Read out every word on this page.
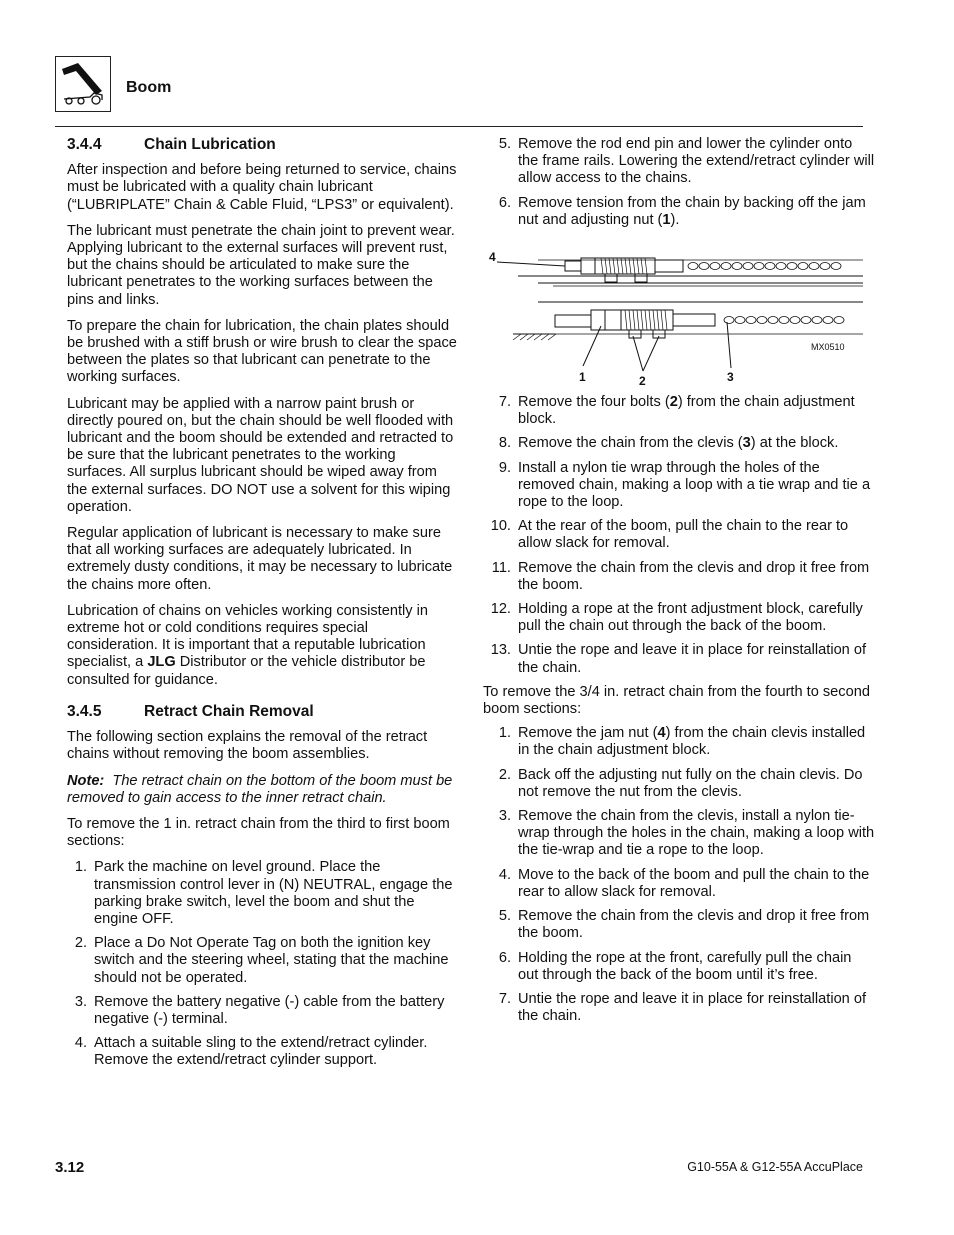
Boom
3.4.4	Chain Lubrication

After inspection and before being returned to service, chains must be lubricated with a quality chain lubricant (“LUBRIPLATE” Chain & Cable Fluid, “LPS3” or equivalent).

The lubricant must penetrate the chain joint to prevent wear. Applying lubricant to the external surfaces will prevent rust, but the chains should be articulated to make sure the lubricant penetrates to the working surfaces between the pins and links.

To prepare the chain for lubrication, the chain plates should be brushed with a stiff brush or wire brush to clear the space between the plates so that lubricant can penetrate to the working surfaces.

Lubricant may be applied with a narrow paint brush or directly poured on, but the chain should be well flooded with lubricant and the boom should be extended and retracted to be sure that the lubricant penetrates to the working surfaces. All surplus lubricant should be wiped away from the external surfaces. DO NOT use a solvent for this wiping operation.

Regular application of lubricant is necessary to make sure that all working surfaces are adequately lubricated. In extremely dusty conditions, it may be necessary to lubricate the chains more often.

Lubrication of chains on vehicles working consistently in extreme hot or cold conditions requires special consideration. It is important that a reputable lubrication specialist, a JLG Distributor or the vehicle distributor be consulted for guidance.

3.4.5	Retract Chain Removal

The following section explains the removal of the retract chains without removing the boom assemblies.

Note: The retract chain on the bottom of the boom must be removed to gain access to the inner retract chain.

To remove the 1 in. retract chain from the third to first boom sections:

1. Park the machine on level ground. Place the transmission control lever in (N) NEUTRAL, engage the parking brake switch, level the boom and shut the engine OFF.
2. Place a Do Not Operate Tag on both the ignition key switch and the steering wheel, stating that the machine should not be operated.
3. Remove the battery negative (-) cable from the battery negative (-) terminal.
4. Attach a suitable sling to the extend/retract cylinder. Remove the extend/retract cylinder support.
5. Remove the rod end pin and lower the cylinder onto the frame rails. Lowering the extend/retract cylinder will allow access to the chains.
6. Remove tension from the chain by backing off the jam nut and adjusting nut (1).
4
1	2	3
MX0510
7. Remove the four bolts (2) from the chain adjustment block.
8. Remove the chain from the clevis (3) at the block.
9. Install a nylon tie wrap through the holes of the removed chain, making a loop with a tie wrap and tie a rope to the loop.
10. At the rear of the boom, pull the chain to the rear to allow slack for removal.
11. Remove the chain from the clevis and drop it free from the boom.
12. Holding a rope at the front adjustment block, carefully pull the chain out through the back of the boom.
13. Untie the rope and leave it in place for reinstallation of the chain.

To remove the 3/4 in. retract chain from the fourth to second boom sections:

1. Remove the jam nut (4) from the chain clevis installed in the chain adjustment block.
2. Back off the adjusting nut fully on the chain clevis. Do not remove the nut from the clevis.
3. Remove the chain from the clevis, install a nylon tie-wrap through the holes in the chain, making a loop with the tie-wrap and tie a rope to the loop.
4. Move to the back of the boom and pull the chain to the rear to allow slack for removal.
5. Remove the chain from the clevis and drop it free from the boom.
6. Holding the rope at the front, carefully pull the chain out through the back of the boom until it’s free.
7. Untie the rope and leave it in place for reinstallation of the chain.
3.12	G10-55A & G12-55A AccuPlace
